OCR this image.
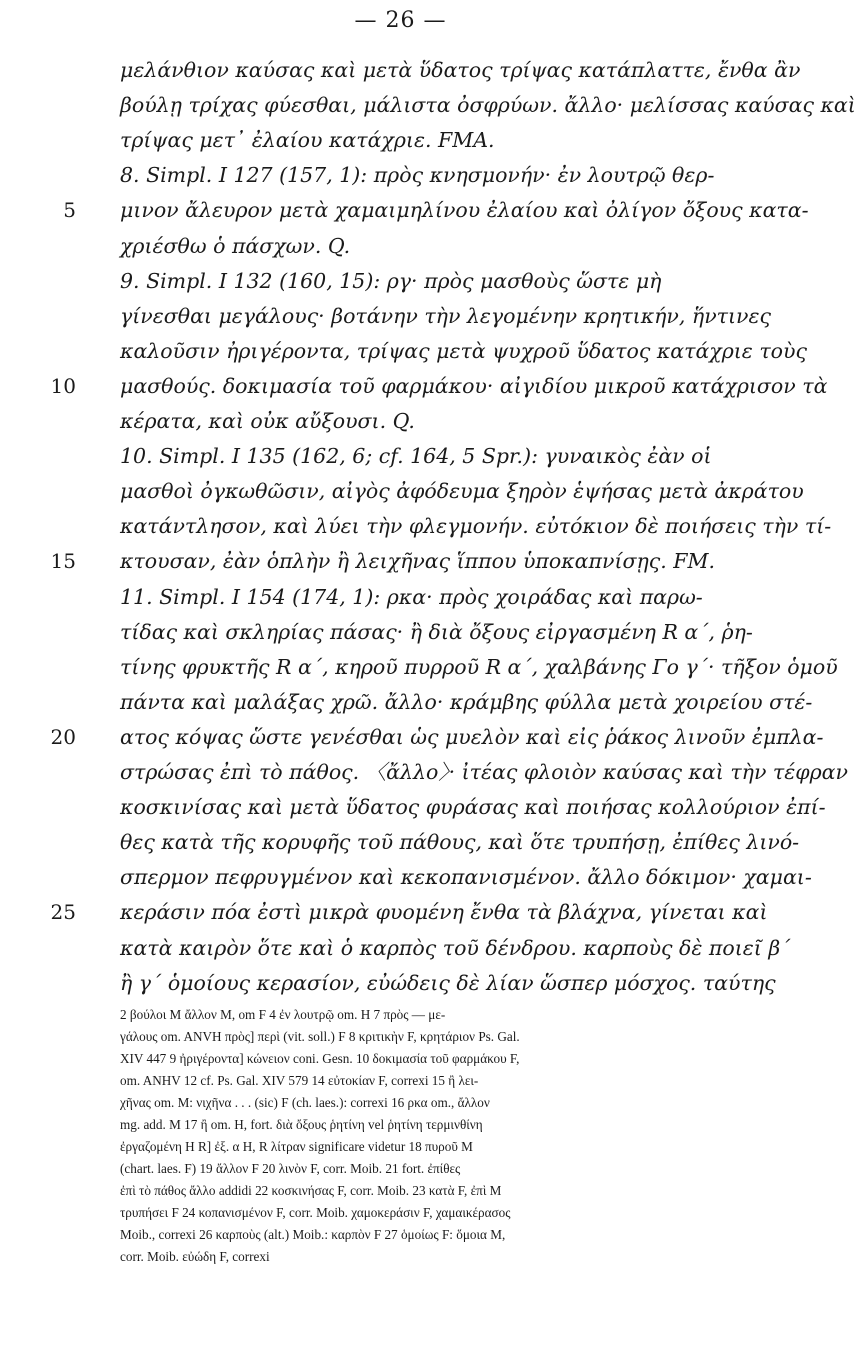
— 26 —
μελάνθιον καύσας καὶ μετὰ ὕδατος τρίψας κατάπλαττε, ἔνθα ἂν
βούλῃ τρίχας φύεσθαι, μάλιστα ὀσφρύων. ἄλλο· μελίσσας καύσας καὶ
τρίψας μετ᾽ ἐλαίου κατάχριε. FMA.
8. Simpl. I 127 (157, 1): πρὸς κνησμονήν· ἐν λουτρῷ θερ-
5 μινον ἄλευρον μετὰ χαμαιμηλίνου ἐλαίου καὶ ὀλίγον ὄξους κατα-
χριέσθω ὁ πάσχων. Q.
9. Simpl. I 132 (160, 15): ργ· πρὸς μασθοὺς ὥστε μὴ
γίνεσθαι μεγάλους· βοτάνην τὴν λεγομένην κρητικήν, ἥντινες
καλοῦσιν ἠριγέροντα, τρίψας μετὰ ψυχροῦ ὕδατος κατάχριε τοὺς
10 μασθούς. δοκιμασία τοῦ φαρμάκου· αἰγιδίου μικροῦ κατάχρισον τὰ
κέρατα, καὶ οὐκ αὔξουσι. Q.
10. Simpl. I 135 (162, 6; cf. 164, 5 Spr.): γυναικὸς ἐὰν οἱ
μασθοὶ ὀγκωθῶσιν, αἰγὸς ἀφόδευμα ξηρὸν ἑψήσας μετὰ ἀκράτου
κατάντλησον, καὶ λύει τὴν φλεγμονήν. εὐτόκιον δὲ ποιήσεις τὴν τί-
15 κτουσαν, ἐὰν ὁπλὴν ἢ λειχῆνας ἵππου ὑποκαπνίσῃς. FM.
11. Simpl. I 154 (174, 1): ρκα· πρὸς χοιράδας καὶ παρω-
τίδας καὶ σκληρίας πάσας· ἢ διὰ ὄξους εἰργασμένη R α΄, ῥη-
τίνης φρυκτῆς R α΄, κηροῦ πυρροῦ R α΄, χαλβάνης Γο γ΄· τῆξον ὁμοῦ
πάντα καὶ μαλάξας χρῶ. ἄλλο· κράμβης φύλλα μετὰ χοιρείου στέ-
20 ατος κόψας ὥστε γενέσθαι ὡς μυελὸν καὶ εἰς ῥάκος λινοῦν ἐμπλα-
στρώσας ἐπὶ τὸ πάθος. 〈ἄλλο〉· ἰτέας φλοιὸν καύσας καὶ τὴν τέφραν
κοσκινίσας καὶ μετὰ ὕδατος φυράσας καὶ ποιήσας κολλούριον ἐπί-
θες κατὰ τῆς κορυφῆς τοῦ πάθους, καὶ ὅτε τρυπήσῃ, ἐπίθες λινό-
σπερμον πεφρυγμένον καὶ κεκοπανισμένον. ἄλλο δόκιμον· χαμαι-
25 κεράσιν πόα ἐστὶ μικρὰ φυομένη ἔνθα τὰ βλάχνα, γίνεται καὶ
κατὰ καιρὸν ὅτε καὶ ὁ καρπὸς τοῦ δένδρου. καρποὺς δὲ ποιεῖ β΄
ἢ γ΄ ὁμοίους κερασίον, εὐώδεις δὲ λίαν ὥσπερ μόσχος. ταύτης
2 βούλοι M ἄλλον M, om F 4 ἐν λουτρῷ om. H 7 πρὸς — με-
γάλους om. ANVH πρὸς] περὶ (vit. soll.) F 8 κριτικὴν F, κρητάριον Ps. Gal.
XIV 447 9 ἠριγέροντα] κώνειον coni. Gesn. 10 δοκιμασία τοῦ φαρμάκου F,
om. ANHV 12 cf. Ps. Gal. XIV 579 14 εὐτοκίαν F, correxi 15 ἢ λει-
χῆνας om. M: νιχῆνα . . . (sic) F (ch. laes.): correxi 16 ρκα om., ἄλλον
mg. add. M 17 ἢ om. H, fort. διὰ ὄξους ῥητίνη vel ῥητίνη τερμινθίνη
ἐργαζομένη H R] ἐξ. α H, R λίτραν significare videtur 18 πυροῦ M
(chart. laes. F) 19 ἄλλον F 20 λινὸν F, corr. Moib. 21 fort. ἐπίθες
ἐπὶ τὸ πάθος ἄλλο addidi 22 κοσκινήσας F, corr. Moib. 23 κατὰ F, ἐπὶ M
τρυπήσει F 24 κοπανισμένον F, corr. Moib. χαμοκεράσιν F, χαμαικέρασος
Moib., correxi 26 καρποὺς (alt.) Moib.: καρπὸν F 27 ὁμοίως F: ὅμοια M,
corr. Moib. εὐώδη F, correxi
